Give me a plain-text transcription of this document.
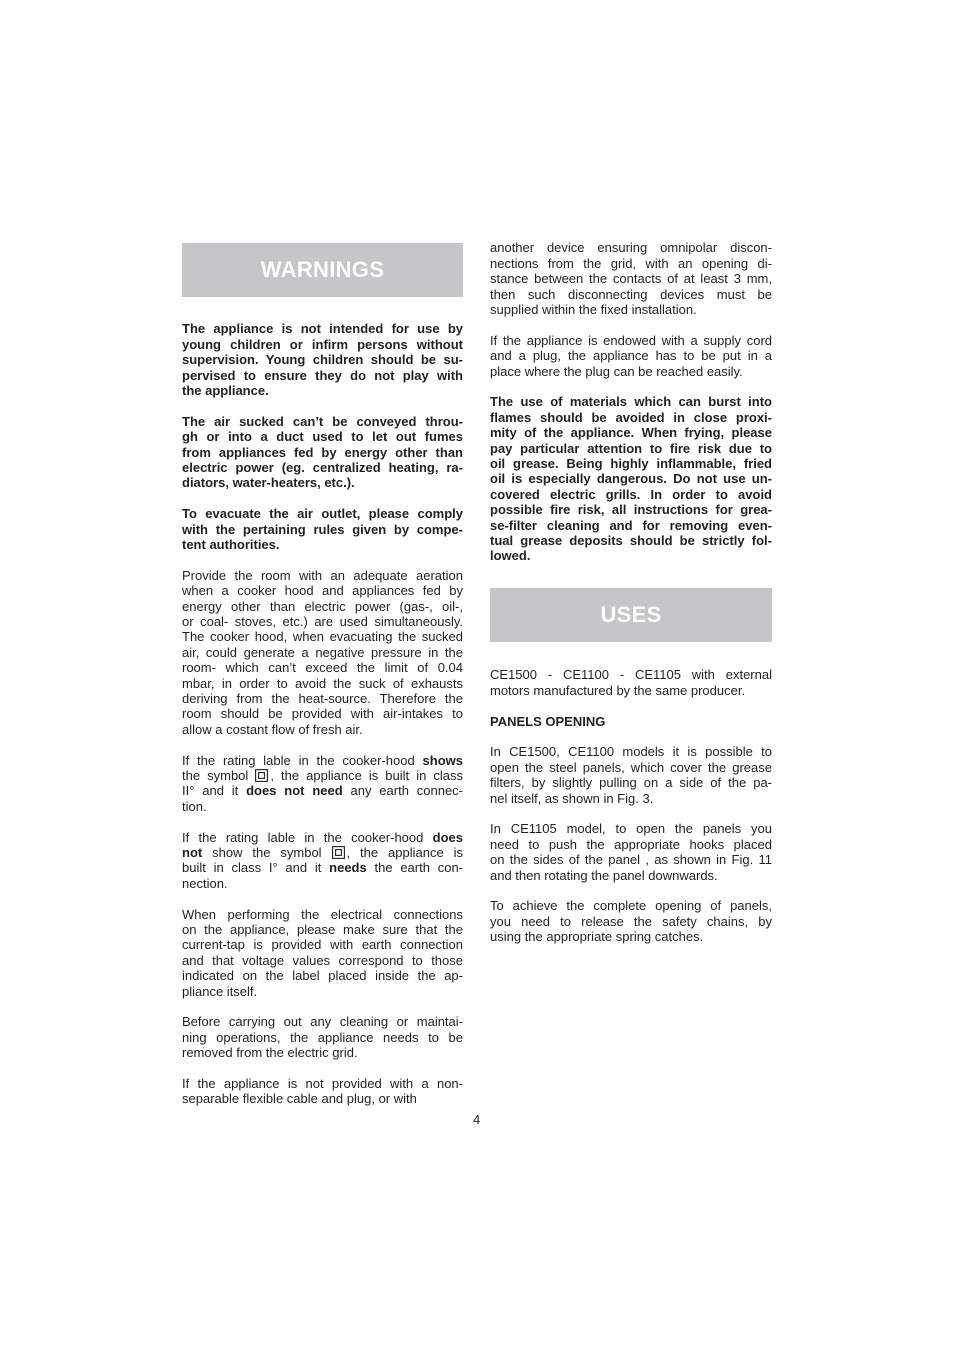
WARNINGS
The appliance is not intended for use by
young children or infirm persons without
supervision. Young children should be su-
pervised to ensure they do not play with
the appliance.
The air sucked can’t be conveyed throu-
gh or into a duct used to let out fumes
from appliances fed by energy other than
electric power (eg. centralized heating, ra-
diators, water-heaters, etc.).
To evacuate the air outlet, please comply
with the pertaining rules given by compe-
tent authorities.
Provide the room with an adequate aeration
when a cooker hood and appliances fed by
energy other than electric power (gas-, oil-,
or coal- stoves, etc.) are used simultaneously.
The cooker hood, when evacuating the sucked
air, could generate a negative pressure in the
room- which can’t exceed the limit of 0.04
mbar, in order to avoid the suck of exhausts
deriving from the heat-source. Therefore the
room should be provided with air-intakes to
allow a costant flow of fresh air.
If the rating lable in the cooker-hood shows
the symbol , the appliance is built in class
II° and it does not need any earth connec-
tion.
If the rating lable in the cooker-hood does
not show the symbol , the appliance is
built in class I° and it needs the earth con-
nection.
When performing the electrical connections
on the appliance, please make sure that the
current-tap is provided with earth connection
and that voltage values correspond to those
indicated on the label placed inside the ap-
pliance itself.
Before carrying out any cleaning or maintai-
ning operations, the appliance needs to be
removed from the electric grid.
If the appliance is not provided with a non-
separable flexible cable and plug, or with
another device ensuring omnipolar discon-
nections from the grid, with an opening di-
stance between the contacts of at least 3 mm,
then such disconnecting devices must be
supplied within the fixed installation.
If the appliance is endowed with a supply cord
and a plug, the appliance has to be put in a
place where the plug can be reached easily.
The use of materials which can burst into
flames should be avoided in close proxi-
mity of the appliance. When frying, please
pay particular attention to fire risk due to
oil grease. Being highly inflammable, fried
oil is especially dangerous. Do not use un-
covered electric grills. In order to avoid
possible fire risk, all instructions for grea-
se-filter cleaning and for removing even-
tual grease deposits should be strictly fol-
lowed.
USES
CE1500 - CE1100 - CE1105 with external
motors manufactured by the same producer.
PANELS OPENING
In CE1500, CE1100 models it is possible to
open the steel panels, which cover the grease
filters, by slightly pulling on a side of the pa-
nel itself, as shown in Fig. 3.
In CE1105 model, to open the panels you
need to push the appropriate hooks placed
on the sides of the panel , as shown in Fig. 11
and then rotating the panel downwards.
To achieve the complete opening of panels,
you need to release the safety chains, by
using the appropriate spring catches.
4
